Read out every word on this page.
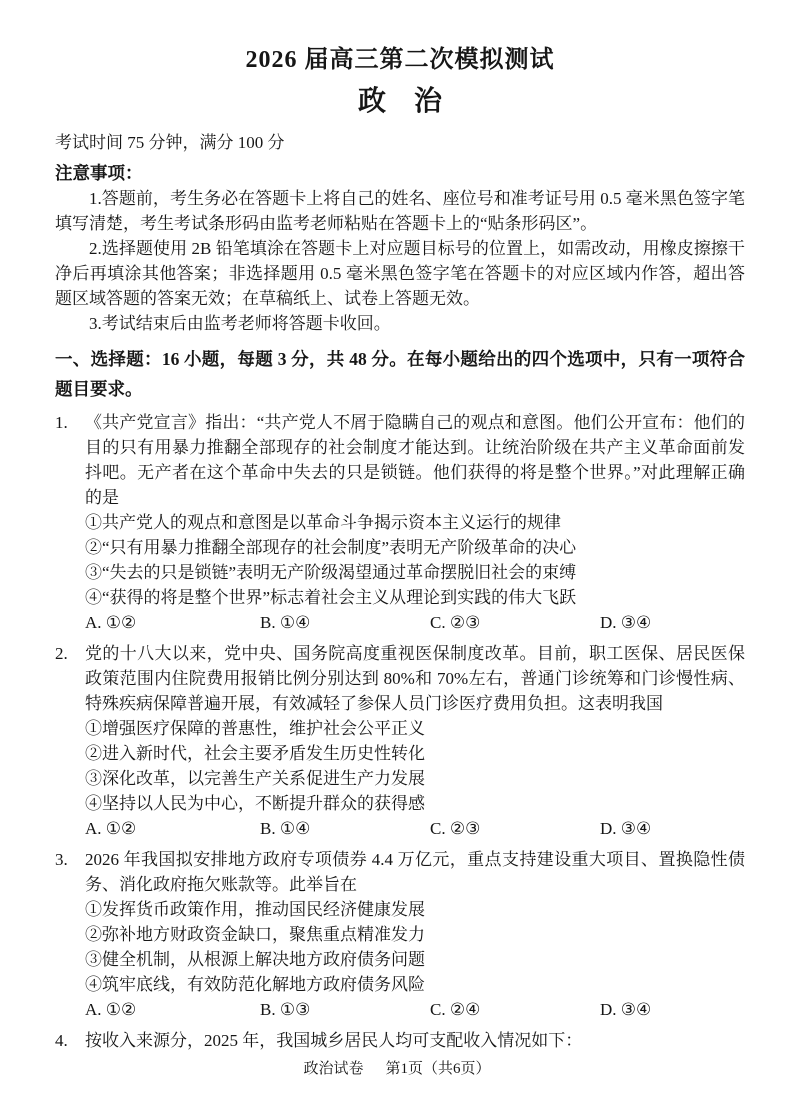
2026 届高三第二次模拟测试
政　治

考试时间 75 分钟，满分 100 分

注意事项：

1.答题前，考生务必在答题卡上将自己的姓名、座位号和准考证号用 0.5 毫米黑色签字笔填写清楚，考生考试条形码由监考老师粘贴在答题卡上的“贴条形码区”。

2.选择题使用 2B 铅笔填涂在答题卡上对应题目标号的位置上，如需改动，用橡皮擦擦干净后再填涂其他答案；非选择题用 0.5 毫米黑色签字笔在答题卡的对应区域内作答，超出答题区域答题的答案无效；在草稿纸上、试卷上答题无效。

3.考试结束后由监考老师将答题卡收回。

一、选择题：16 小题，每题 3 分，共 48 分。在每小题给出的四个选项中，只有一项符合题目要求。

1.	《共产党宣言》指出：“共产党人不屑于隐瞒自己的观点和意图。他们公开宣布：他们的目的只有用暴力推翻全部现存的社会制度才能达到。让统治阶级在共产主义革命面前发抖吧。无产者在这个革命中失去的只是锁链。他们获得的将是整个世界。”对此理解正确的是

①共产党人的观点和意图是以革命斗争揭示资本主义运行的规律

②“只有用暴力推翻全部现存的社会制度”表明无产阶级革命的决心

③“失去的只是锁链”表明无产阶级渴望通过革命摆脱旧社会的束缚

④“获得的将是整个世界”标志着社会主义从理论到实践的伟大飞跃

A. ①②	B. ①④	C. ②③	D. ③④
2.	党的十八大以来，党中央、国务院高度重视医保制度改革。目前，职工医保、居民医保政策范围内住院费用报销比例分别达到 80%和 70%左右，普通门诊统筹和门诊慢性病、特殊疾病保障普遍开展，有效减轻了参保人员门诊医疗费用负担。这表明我国

①增强医疗保障的普惠性，维护社会公平正义

②进入新时代，社会主要矛盾发生历史性转化

③深化改革，以完善生产关系促进生产力发展

④坚持以人民为中心，不断提升群众的获得感

A. ①②	B. ①④	C. ②③	D. ③④
3.	2026 年我国拟安排地方政府专项债券 4.4 万亿元，重点支持建设重大项目、置换隐性债务、消化政府拖欠账款等。此举旨在

①发挥货币政策作用，推动国民经济健康发展

②弥补地方财政资金缺口，聚焦重点精准发力

③健全机制，从根源上解决地方政府债务问题

④筑牢底线，有效防范化解地方政府债务风险

A. ①②	B. ①③	C. ②④	D. ③④
4.	按收入来源分，2025 年，我国城乡居民人均可支配收入情况如下：

政治试卷 第1页（共6页）
